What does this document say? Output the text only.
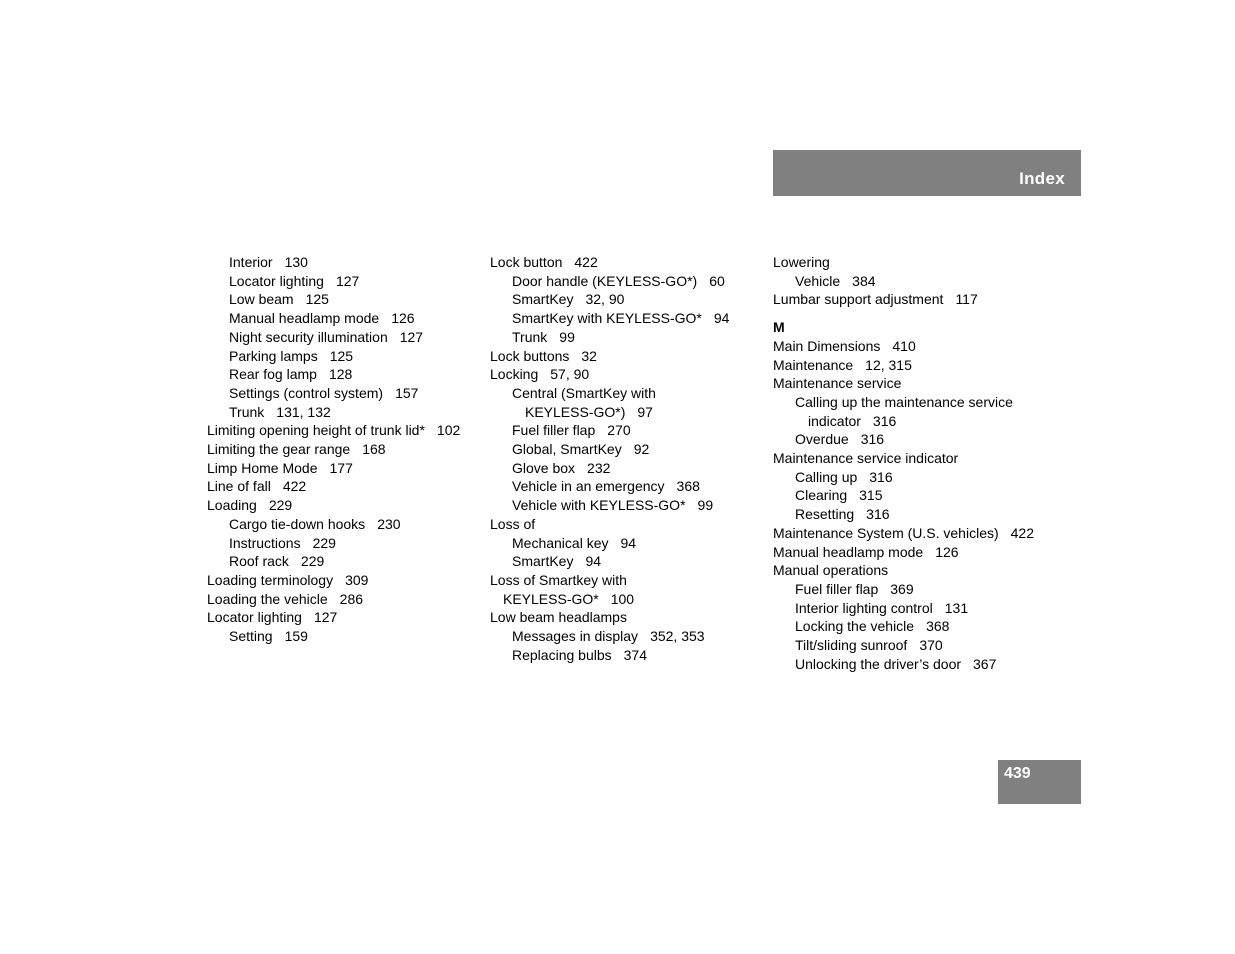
Index
Interior 130
Locator lighting 127
Low beam 125
Manual headlamp mode 126
Night security illumination 127
Parking lamps 125
Rear fog lamp 128
Settings (control system) 157
Trunk 131, 132
Limiting opening height of trunk lid* 102
Limiting the gear range 168
Limp Home Mode 177
Line of fall 422
Loading 229
Cargo tie-down hooks 230
Instructions 229
Roof rack 229
Loading terminology 309
Loading the vehicle 286
Locator lighting 127
Setting 159
Lock button 422
Door handle (KEYLESS-GO*) 60
SmartKey 32, 90
SmartKey with KEYLESS-GO* 94
Trunk 99
Lock buttons 32
Locking 57, 90
Central (SmartKey with
KEYLESS-GO*) 97
Fuel filler flap 270
Global, SmartKey 92
Glove box 232
Vehicle in an emergency 368
Vehicle with KEYLESS-GO* 99
Loss of
Mechanical key 94
SmartKey 94
Loss of Smartkey with
KEYLESS-GO* 100
Low beam headlamps
Messages in display 352, 353
Replacing bulbs 374
Lowering
Vehicle 384
Lumbar support adjustment 117
M
Main Dimensions 410
Maintenance 12, 315
Maintenance service
Calling up the maintenance service
indicator 316
Overdue 316
Maintenance service indicator
Calling up 316
Clearing 315
Resetting 316
Maintenance System (U.S. vehicles) 422
Manual headlamp mode 126
Manual operations
Fuel filler flap 369
Interior lighting control 131
Locking the vehicle 368
Tilt/sliding sunroof 370
Unlocking the driver’s door 367
439
